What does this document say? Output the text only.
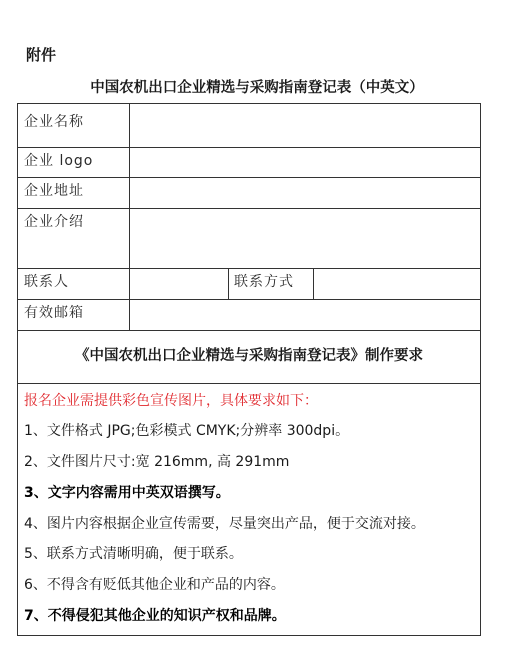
附件
中国农机出口企业精选与采购指南登记表（中英文）
企业名称
企业 logo
企业地址
企业介绍
联系人	联系方式
有效邮箱
《中国农机出口企业精选与采购指南登记表》制作要求
报名企业需提供彩色宣传图片，具体要求如下：
1、文件格式 JPG;色彩模式 CMYK;分辨率 300dpi。
2、文件图片尺寸:宽 216mm, 高 291mm
3、文字内容需用中英双语撰写。
4、图片内容根据企业宣传需要，尽量突出产品，便于交流对接。
5、联系方式清晰明确，便于联系。
6、不得含有贬低其他企业和产品的内容。
7、不得侵犯其他企业的知识产权和品牌。
